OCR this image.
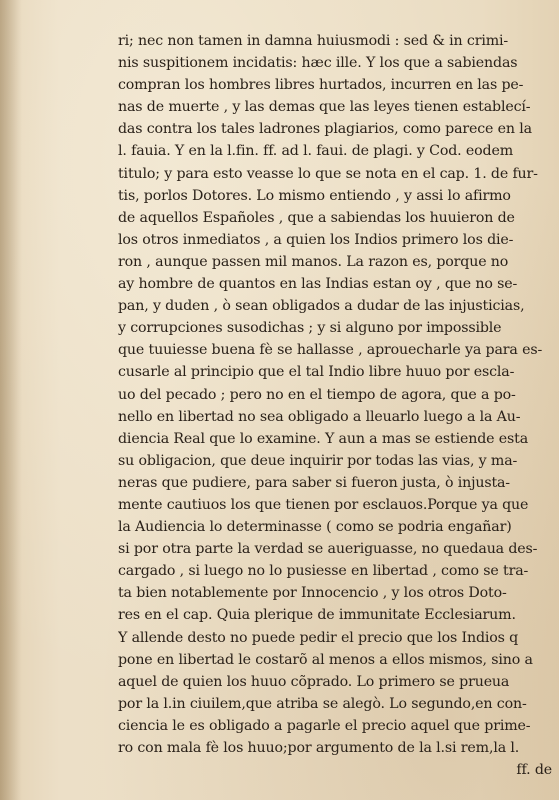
ri; nec non tamen in damna huiusmodi : sed & in crimi-
nis suspitionem incidatis: hæc ille. Y los que a sabiendas
compran los hombres libres hurtados, incurren en las pe-
nas de muerte , y las demas que las leyes tienen establecí-
das contra los tales ladrones plagiarios, como parece en la
l. fauia. Y en la l.fin. ff. ad l. faui. de plagi. y Cod. eodem
titulo; y para esto veasse lo que se nota en el cap. 1. de fur-
tis, porlos Dotores. Lo mismo entiendo , y assi lo afirmo
de aquellos Españoles , que a sabiendas los huuieron de
los otros inmediatos , a quien los Indios primero los die-
ron , aunque passen mil manos. La razon es, porque no
ay hombre de quantos en las Indias estan oy , que no se-
pan, y duden , ò sean obligados a dudar de las injusticias,
y corrupciones susodichas ; y si alguno por impossible
que tuuiesse buena fè se hallasse , aprouecharle ya para es-
cusarle al principio que el tal Indio libre huuo por escla-
uo del pecado ; pero no en el tiempo de agora, que a po-
nello en libertad no sea obligado a lleuarlo luego a la Au-
diencia Real que lo examine. Y aun a mas se estiende esta
su obligacion, que deue inquirir por todas las vias, y ma-
neras que pudiere, para saber si fueron justa, ò injusta-
mente cautiuos los que tienen por esclauos.Porque ya que
la Audiencia lo determinasse ( como se podria engañar)
si por otra parte la verdad se aueriguasse, no quedaua des-
cargado , si luego no lo pusiesse en libertad , como se tra-
ta bien notablemente por Innocencio , y los otros Doto-
res en el cap. Quia plerique de immunitate Ecclesiarum.
Y allende desto no puede pedir el precio que los Indios q
pone en libertad le costarõ al menos a ellos mismos, sino a
aquel de quien los huuo cõprado. Lo primero se prueua
por la l.in ciuilem,que atriba se alegò. Lo segundo,en con-
ciencia le es obligado a pagarle el precio aquel que prime-
ro con mala fè los huuo;por argumento de la l.si rem,la l.
ff. de
